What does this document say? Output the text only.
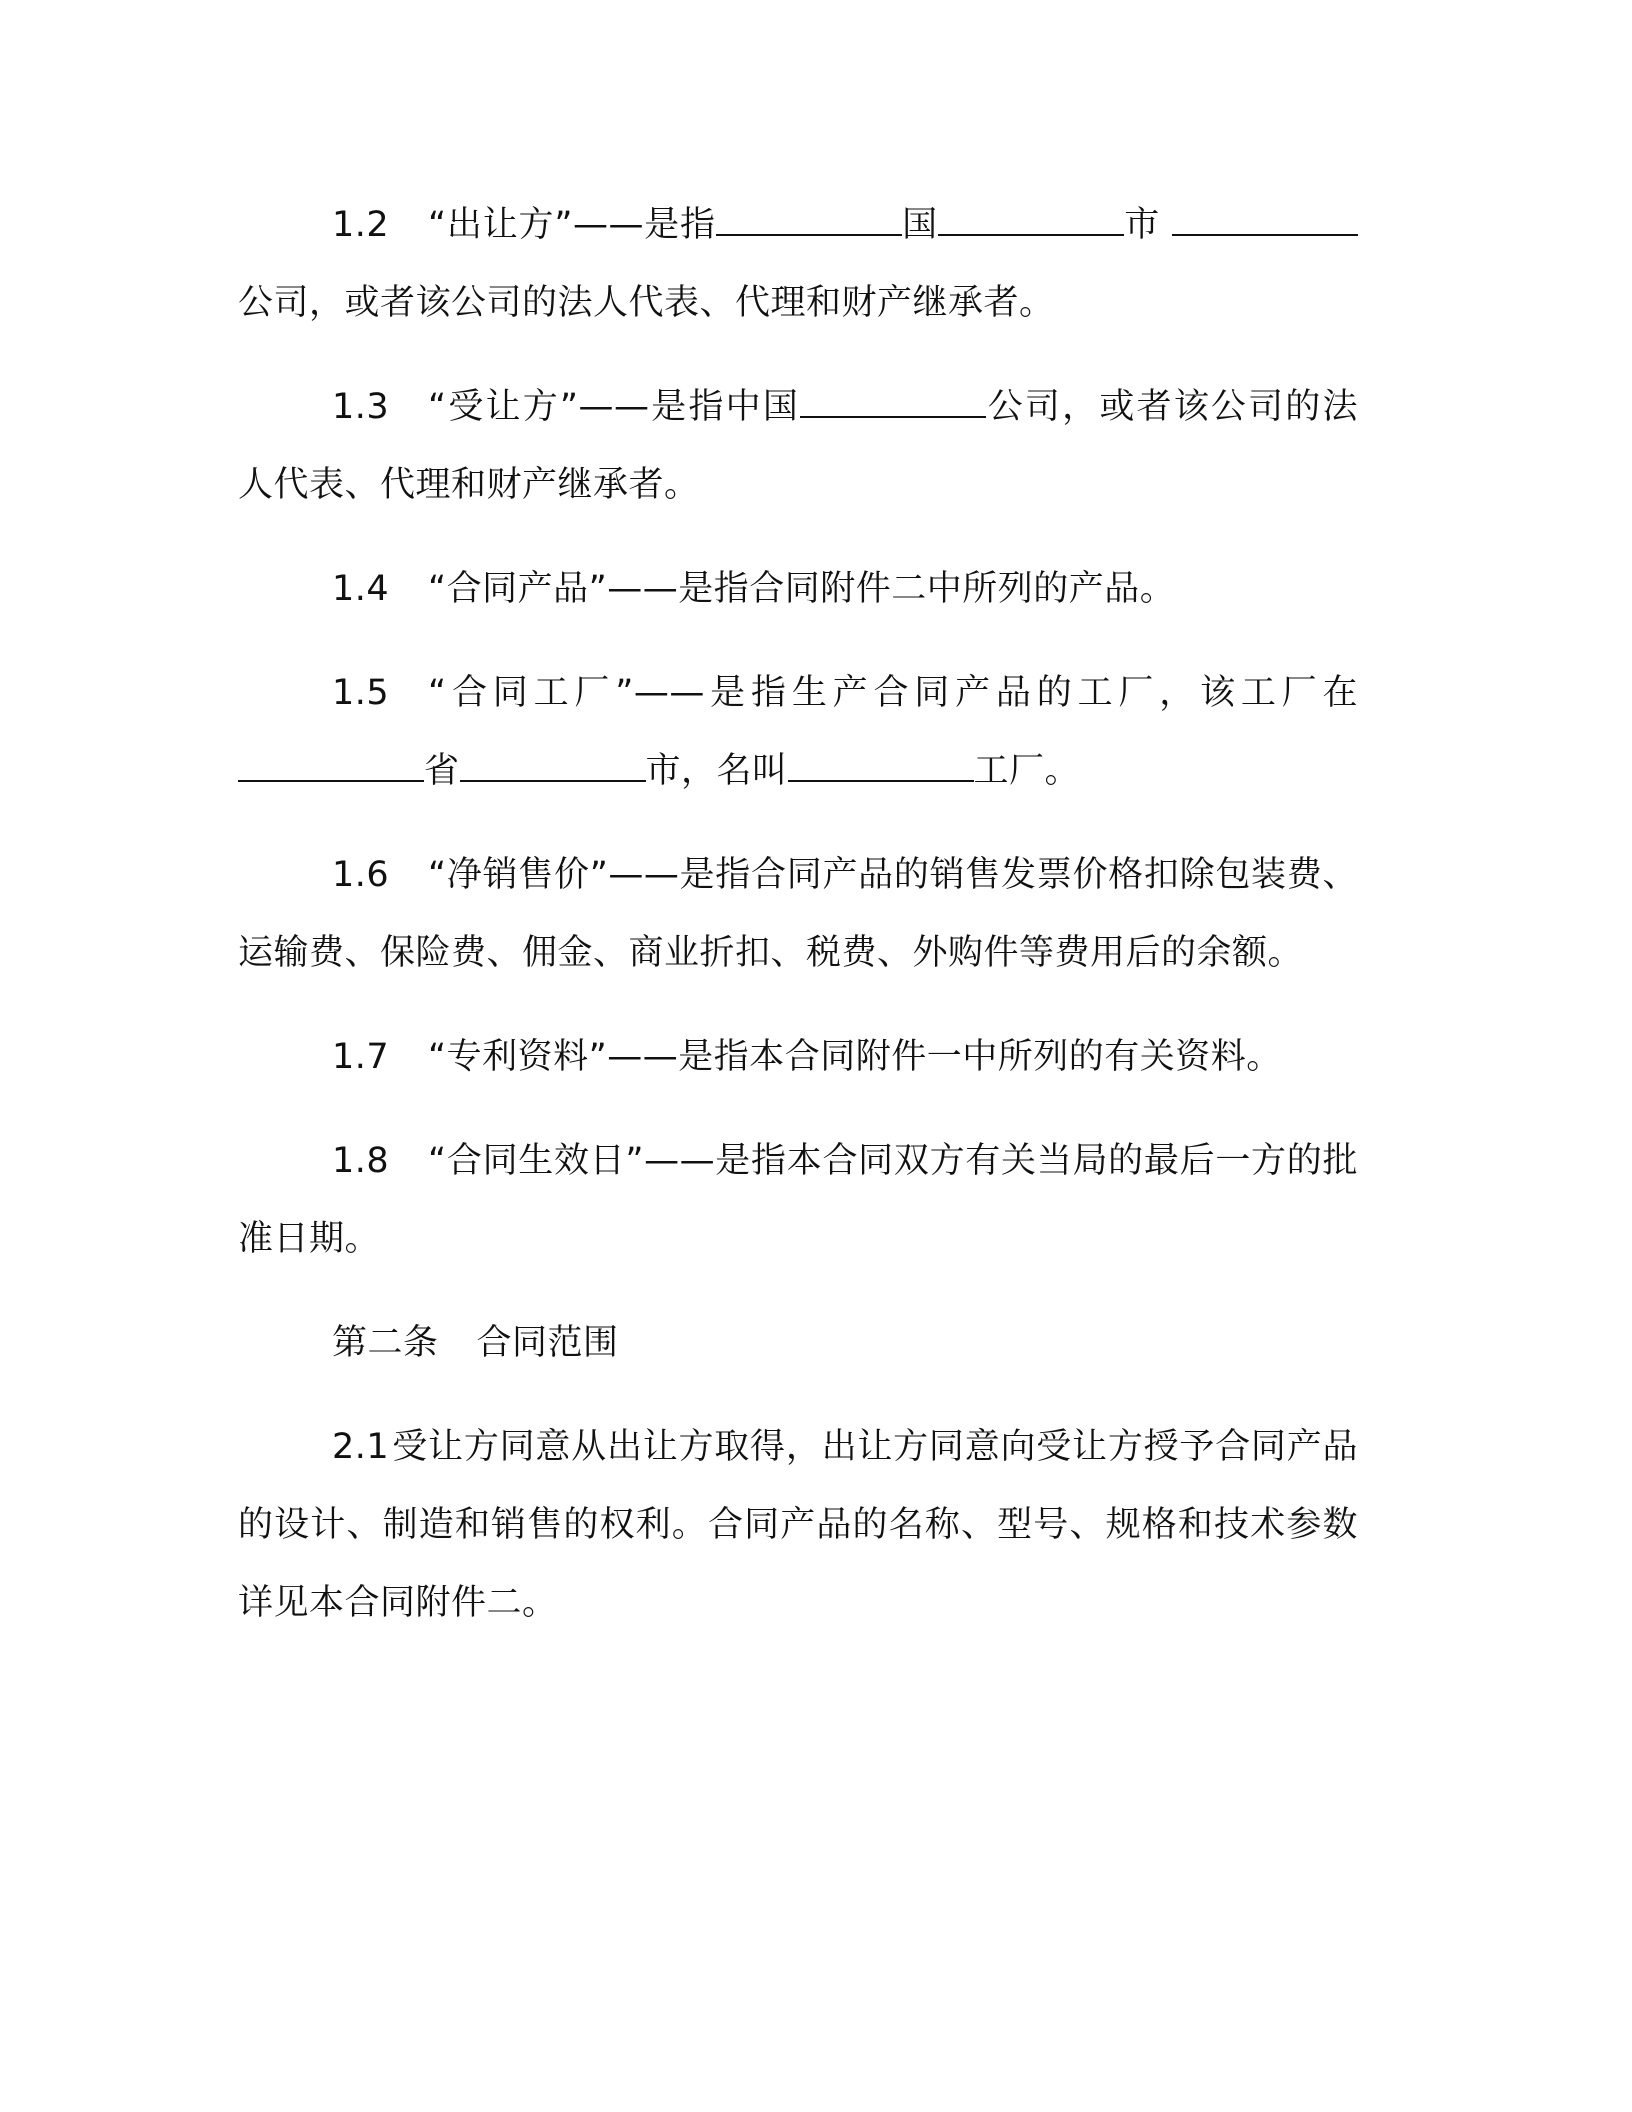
1.2 “出让方”——是指	国	市 公司，或者该公司的法人代表、代理和财产继承者。

1.3 “受让方”——是指中国	公司，或者该公司的法人代表、代理和财产继承者。

1.4 “合同产品”——是指合同附件二中所列的产品。

1.5 “合同工厂”——是指生产合同产品的工厂，该工厂在 省	市，名叫	工厂。

1.6 “净销售价”——是指合同产品的销售发票价格扣除包装费、运输费、保险费、佣金、商业折扣、税费、外购件等费用后的余额。

1.7 “专利资料”——是指本合同附件一中所列的有关资料。

1.8 “合同生效日”——是指本合同双方有关当局的最后一方的批准日期。

第二条 合同范围

2.1受让方同意从出让方取得，出让方同意向受让方授予合同产品的设计、制造和销售的权利。合同产品的名称、型号、规格和技术参数详见本合同附件二。
